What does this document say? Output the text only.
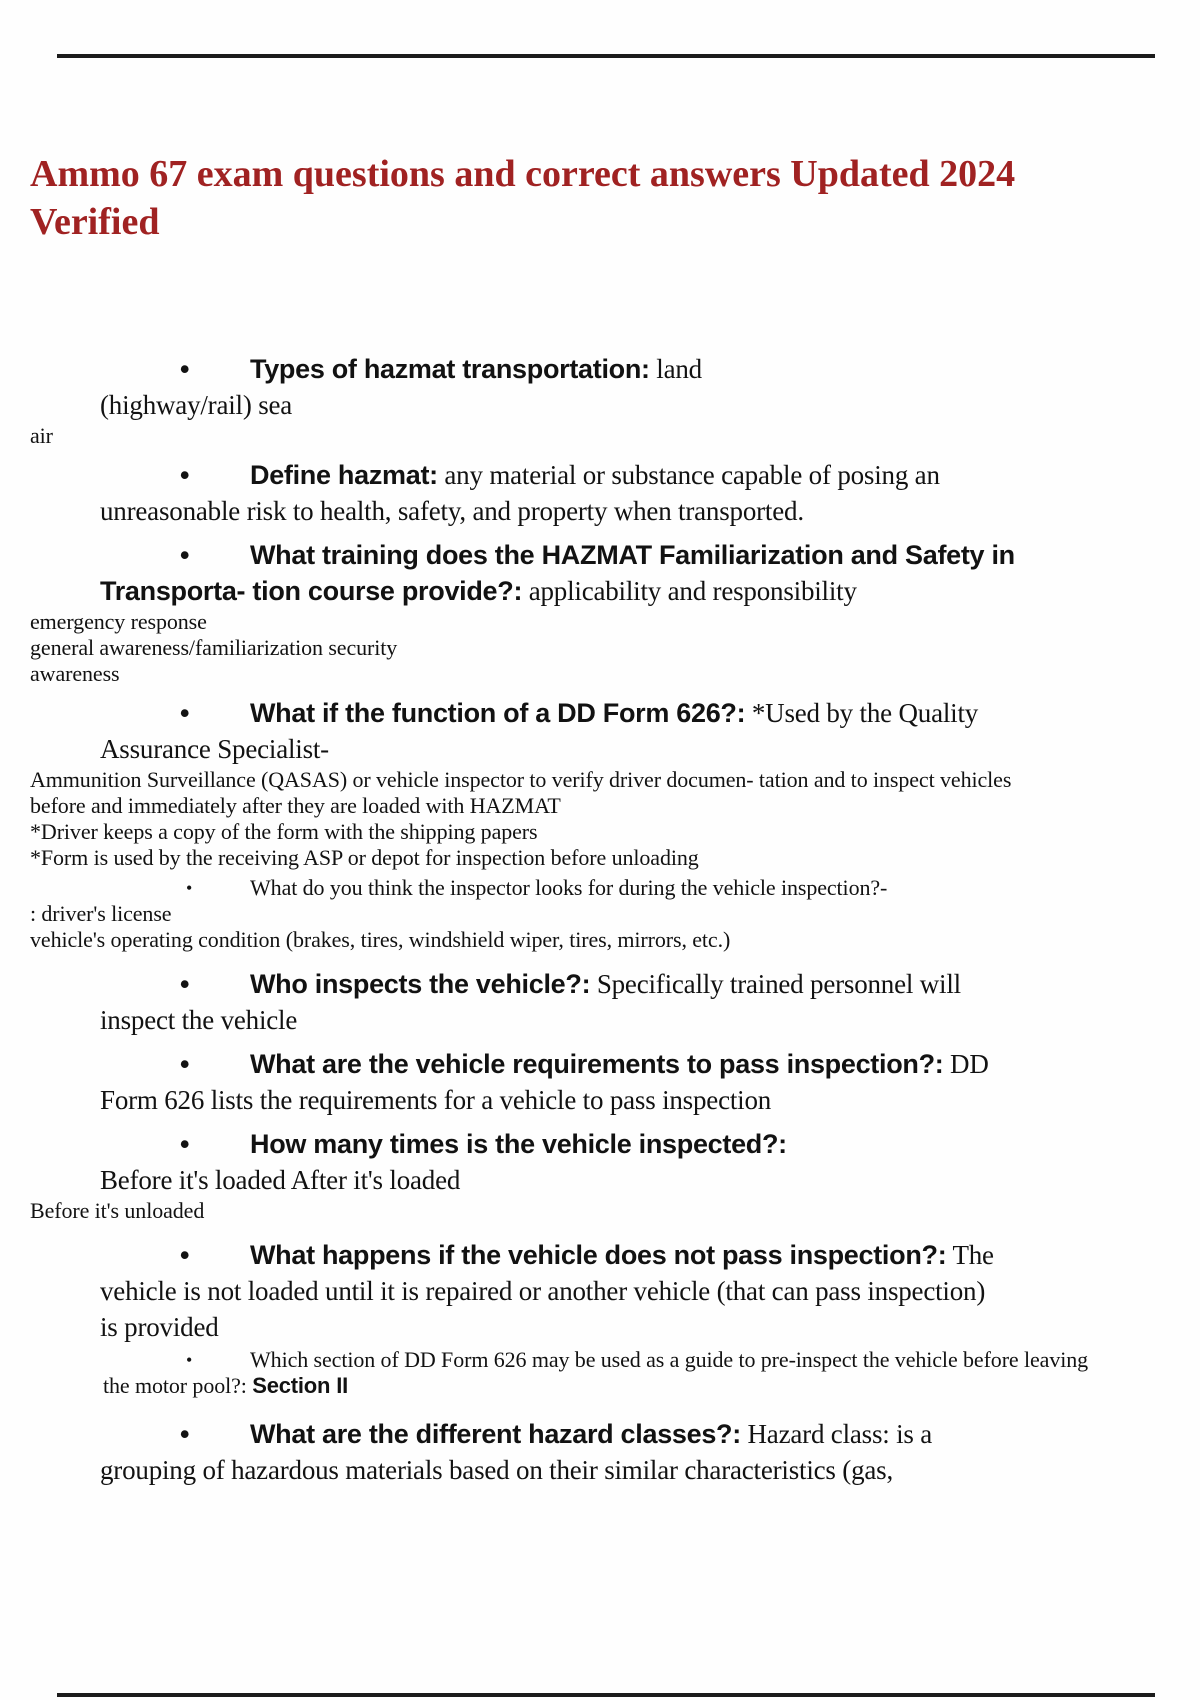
Ammo 67 exam questions and correct answers Updated 2024 Verified
• Types of hazmat transportation: land
(highway/rail) sea
air
• Define hazmat: any material or substance capable of posing an
unreasonable risk to health, safety, and property when transported.
• What training does the HAZMAT Familiarization and Safety in
Transporta- tion course provide?: applicability and responsibility
emergency response
general awareness/familiarization security
awareness
• What if the function of a DD Form 626?: *Used by the Quality
Assurance Specialist-
Ammunition Surveillance (QASAS) or vehicle inspector to verify driver documen- tation and to inspect vehicles
before and immediately after they are loaded with HAZMAT
*Driver keeps a copy of the form with the shipping papers
*Form is used by the receiving ASP or depot for inspection before unloading
•	What do you think the inspector looks for during the vehicle inspection?-
: driver's license
vehicle's operating condition (brakes, tires, windshield wiper, tires, mirrors, etc.)
• Who inspects the vehicle?: Specifically trained personnel will
inspect the vehicle
• What are the vehicle requirements to pass inspection?: DD
Form 626 lists the requirements for a vehicle to pass inspection
• How many times is the vehicle inspected?:
Before it's loaded After it's loaded
Before it's unloaded
• What happens if the vehicle does not pass inspection?: The
vehicle is not loaded until it is repaired or another vehicle (that can pass inspection)
is provided
•	Which section of DD Form 626 may be used as a guide to pre-inspect the vehicle before leaving
the motor pool?: Section II
• What are the different hazard classes?: Hazard class: is a
grouping of hazardous materials based on their similar characteristics (gas,
